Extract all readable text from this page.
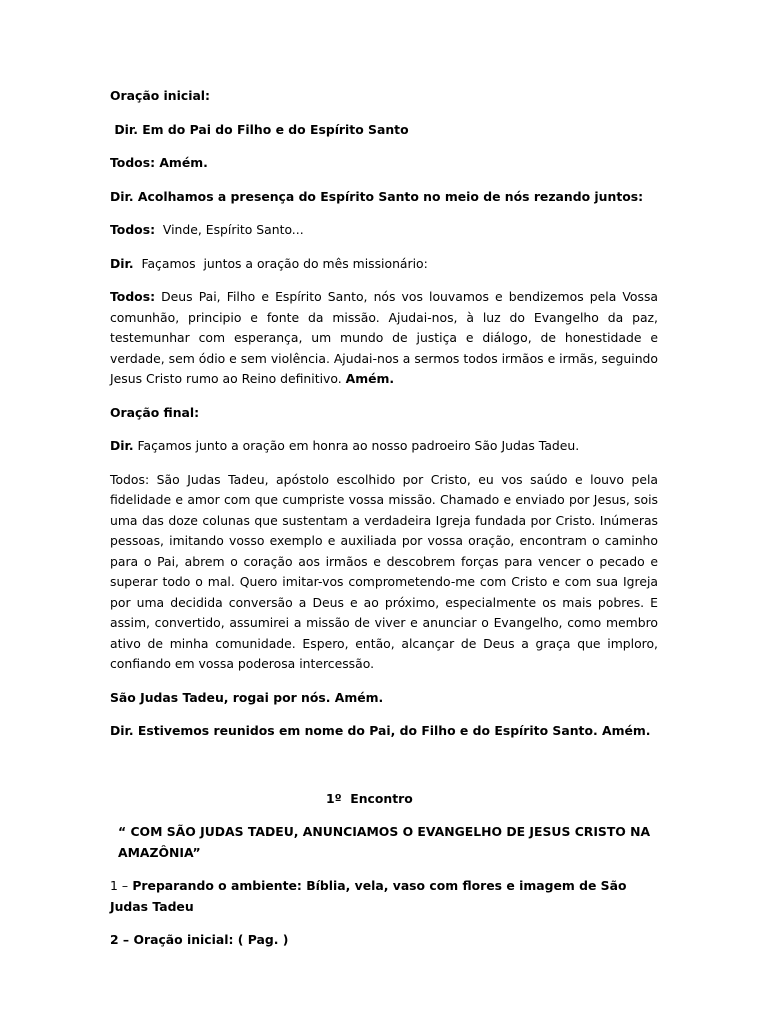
Oração inicial:

Dir. Em do Pai do Filho e do Espírito Santo

Todos: Amém.

Dir. Acolhamos a presença do Espírito Santo no meio de nós rezando juntos:

Todos:  Vinde, Espírito Santo...

Dir.  Façamos  juntos a oração do mês missionário:

Todos: Deus Pai, Filho e Espírito Santo, nós vos louvamos e bendizemos pela Vossa comunhão, principio e fonte da missão. Ajudai-nos, à luz do Evangelho da paz, testemunhar com esperança, um mundo de justiça e diálogo, de honestidade e verdade, sem ódio e sem violência. Ajudai-nos a sermos todos irmãos e irmãs, seguindo Jesus Cristo rumo ao Reino definitivo. Amém.

Oração final:

Dir. Façamos junto a oração em honra ao nosso padroeiro São Judas Tadeu.

Todos: São Judas Tadeu, apóstolo escolhido por Cristo, eu vos saúdo e louvo pela fidelidade e amor com que cumpriste vossa missão. Chamado e enviado por Jesus, sois uma das doze colunas que sustentam a verdadeira Igreja fundada por Cristo. Inúmeras pessoas, imitando vosso exemplo e auxiliada por vossa oração, encontram o caminho para o Pai, abrem o coração aos irmãos e descobrem forças para vencer o pecado e superar todo o mal. Quero imitar-vos comprometendo-me com Cristo e com sua Igreja por uma decidida conversão a Deus e ao próximo, especialmente os mais pobres. E assim, convertido, assumirei a missão de viver e anunciar o Evangelho, como membro ativo de minha comunidade. Espero, então, alcançar de Deus a graça que imploro, confiando em vossa poderosa intercessão.

São Judas Tadeu, rogai por nós. Amém.

Dir. Estivemos reunidos em nome do Pai, do Filho e do Espírito Santo. Amém.

1º  Encontro

“ COM SÃO JUDAS TADEU, ANUNCIAMOS O EVANGELHO DE JESUS CRISTO NA AMAZÔNIA”

1 – Preparando o ambiente: Bíblia, vela, vaso com flores e imagem de São Judas Tadeu

2 – Oração inicial: ( Pag. )
